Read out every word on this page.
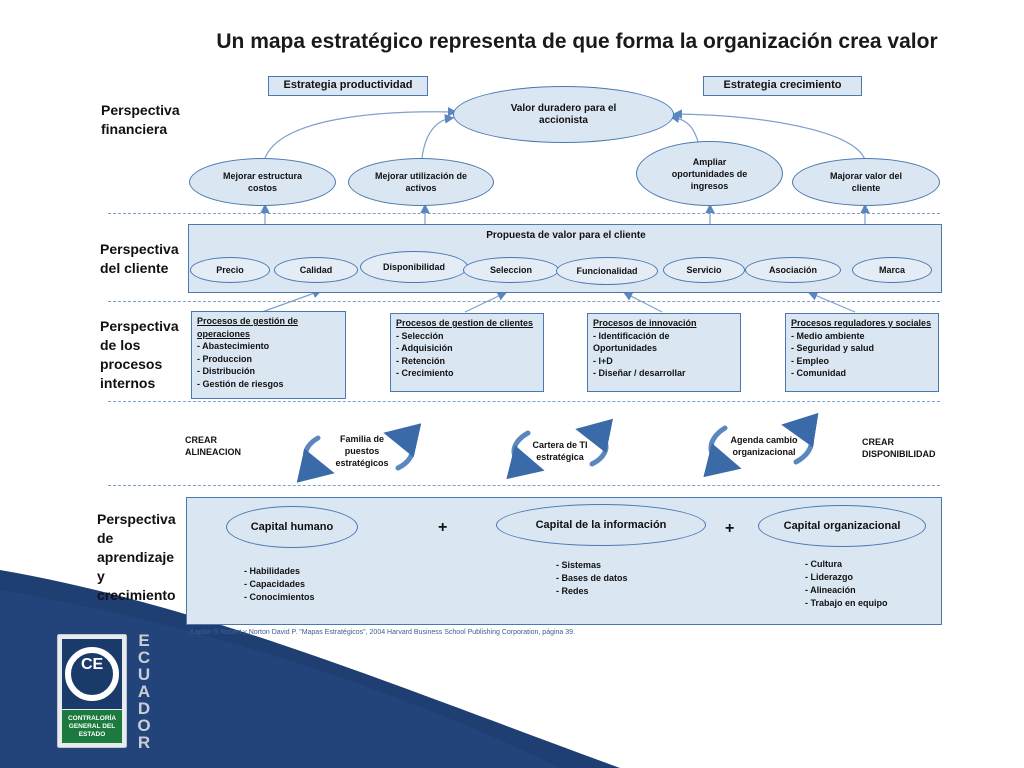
Un mapa estratégico representa de que forma la organización crea valor
Perspectiva financiera
Perspectiva del cliente
Perspectiva de los procesos internos
Perspectiva de aprendizaje y crecimiento
Estrategia productividad	Estrategia crecimiento
Valor duradero para el accionista
Mejorar estructura costos
Mejorar utilización de activos
Ampliar oportunidades de ingresos
Majorar valor del cliente
Propuesta de valor para el cliente
Precio	Calidad	Disponibilidad	Seleccion	Funcionalidad	Servicio	Asociación	Marca
Procesos de gestión de operaciones
- Abastecimiento
- Produccion
- Distribución
- Gestión de riesgos
Procesos de gestion de clientes
- Selección
- Adquisición
- Retención
- Crecimiento
Procesos de innovación
- Identificación de Oportunidades
- I+D
- Diseñar / desarrollar
Procesos reguladores y sociales
- Medio ambiente
- Seguridad y salud
- Empleo
- Comunidad
CREAR ALINEACION
CREAR DISPONIBILIDAD
Familia de puestos estratégicos
Cartera de TI estratégica
Agenda cambio organizacional
Capital humano	+	Capital de la información	+	Capital organizacional
- Habilidades
- Capacidades
- Conocimientos
- Sistemas
- Bases de datos
- Redes
- Cultura
- Liderazgo
- Alineación
- Trabajo en equipo
Kaplan S Robert y Norton David P. "Mapas Estratégicos", 2004 Harvard Business School Publishing Corporation, página 39.
CE
CONTRALORÍA GENERAL DEL ESTADO
ECUADOR
